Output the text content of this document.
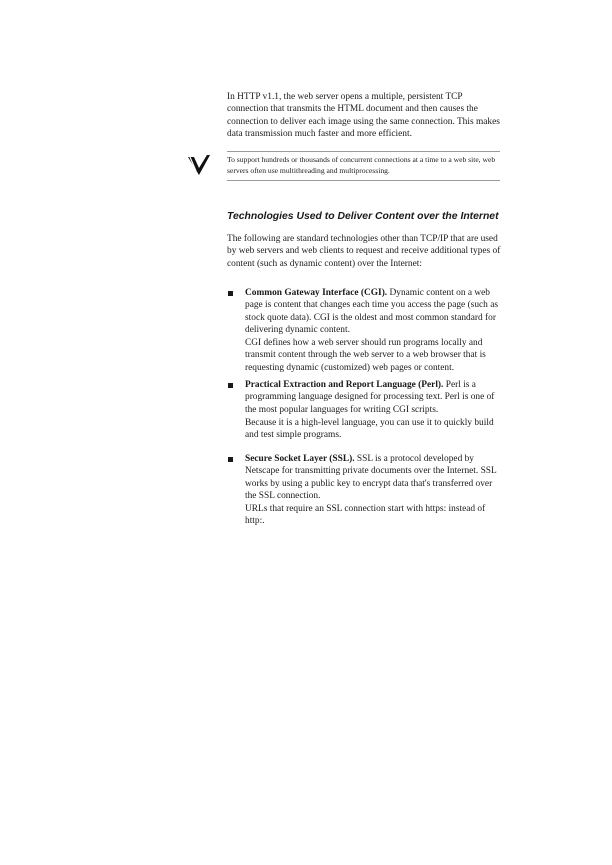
In HTTP v1.1, the web server opens a multiple, persistent TCP connection that transmits the HTML document and then causes the connection to deliver each image using the same connection. This makes data transmission much faster and more efficient.

To support hundreds or thousands of concurrent connections at a time to a web site, web servers often use multithreading and multiprocessing.

Technologies Used to Deliver Content over the Internet

The following are standard technologies other than TCP/IP that are used by web servers and web clients to request and receive additional types of content (such as dynamic content) over the Internet:

Common Gateway Interface (CGI). Dynamic content on a web page is content that changes each time you access the page (such as stock quote data). CGI is the oldest and most common standard for delivering dynamic content.

CGI defines how a web server should run programs locally and transmit content through the web server to a web browser that is requesting dynamic (customized) web pages or content.

Practical Extraction and Report Language (Perl). Perl is a programming language designed for processing text. Perl is one of the most popular languages for writing CGI scripts.

Because it is a high-level language, you can use it to quickly build and test simple programs.

Secure Socket Layer (SSL). SSL is a protocol developed by Netscape for transmitting private documents over the Internet. SSL works by using a public key to encrypt data that's transferred over the SSL connection.

URLs that require an SSL connection start with https: instead of http:.
